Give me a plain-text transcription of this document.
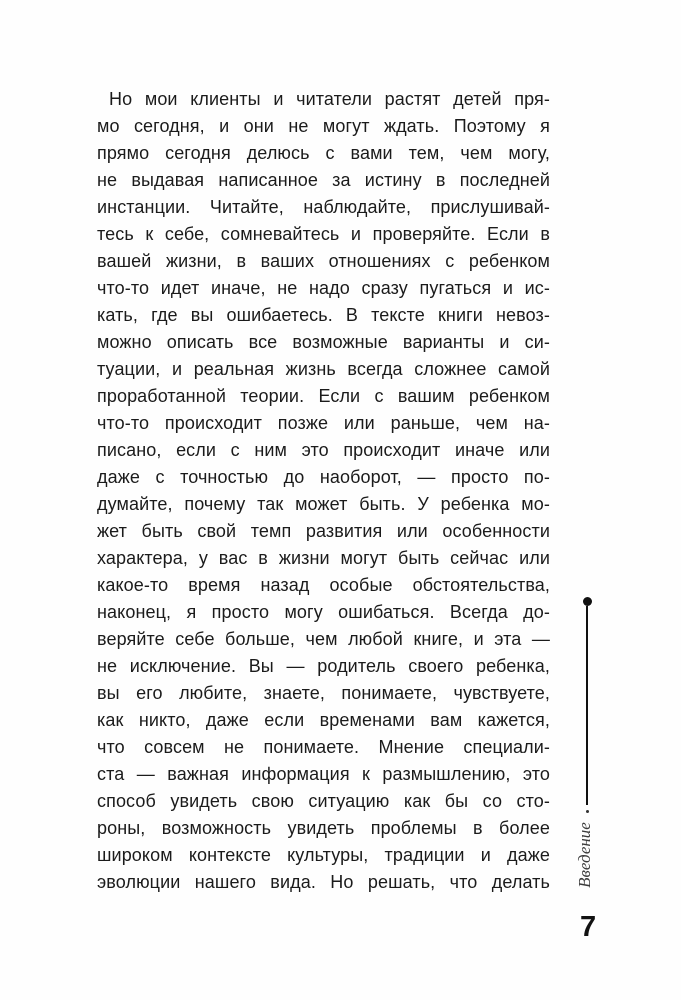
Но мои клиенты и читатели растят детей пря-
мо сегодня, и они не могут ждать. Поэтому я
прямо сегодня делюсь с вами тем, чем могу,
не выдавая написанное за истину в последней
инстанции. Читайте, наблюдайте, прислушивай-
тесь к себе, сомневайтесь и проверяйте. Если в
вашей жизни, в ваших отношениях с ребенком
что-то идет иначе, не надо сразу пугаться и ис-
кать, где вы ошибаетесь. В тексте книги невоз-
можно описать все возможные варианты и си-
туации, и реальная жизнь всегда сложнее самой
проработанной теории. Если с вашим ребенком
что-то происходит позже или раньше, чем на-
писано, если с ним это происходит иначе или
даже с точностью до наоборот, — просто по-
думайте, почему так может быть. У ребенка мо-
жет быть свой темп развития или особенности
характера, у вас в жизни могут быть сейчас или
какое-то время назад особые обстоятельства,
наконец, я просто могу ошибаться. Всегда до-
веряйте себе больше, чем любой книге, и эта —
не исключение. Вы — родитель своего ребенка,
вы его любите, знаете, понимаете, чувствуете,
как никто, даже если временами вам кажется,
что совсем не понимаете. Мнение специали-
ста — важная информация к размышлению, это
способ увидеть свою ситуацию как бы со сто-
роны, возможность увидеть проблемы в более
широком контексте культуры, традиции и даже
эволюции нашего вида. Но решать, что делать Введение
7
